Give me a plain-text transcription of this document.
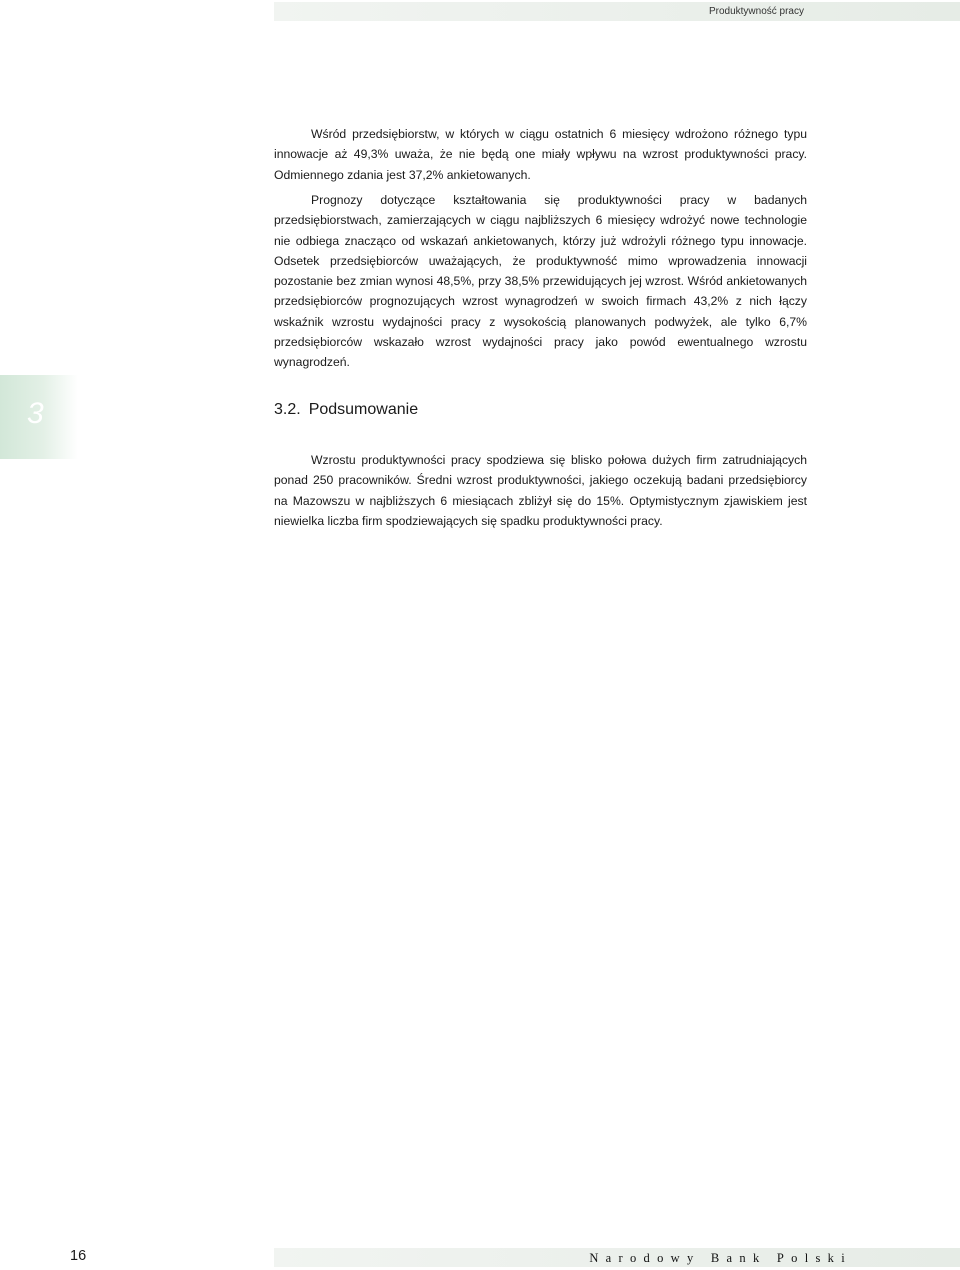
Produktywność pracy

Wśród przedsiębiorstw, w których w ciągu ostatnich 6 miesięcy wdrożono różnego typu innowacje aż 49,3% uważa, że nie będą one miały wpływu na wzrost produktywności pracy. Odmiennego zdania jest 37,2% ankietowanych.

Prognozy dotyczące kształtowania się produktywności pracy w badanych przedsiębiorstwach, zamierzających w ciągu najbliższych 6 miesięcy wdrożyć nowe technologie nie odbiega znacząco od wskazań ankietowanych, którzy już wdrożyli różnego typu innowacje. Odsetek przedsiębiorców uważających, że produktywność mimo wprowadzenia innowacji pozostanie bez zmian wynosi 48,5%, przy 38,5% przewidujących jej wzrost. Wśród ankietowanych przedsiębiorców prognozujących wzrost wynagrodzeń w swoich firmach 43,2% z nich łączy wskaźnik wzrostu wydajności pracy z wysokością planowanych podwyżek, ale tylko 6,7% przedsiębiorców wskazało wzrost wydajności pracy jako powód ewentualnego wzrostu wynagrodzeń.

3	3.2. Podsumowanie

Wzrostu produktywności pracy spodziewa się blisko połowa dużych firm zatrudniających ponad 250 pracowników. Średni wzrost produktywności, jakiego oczekują badani przedsiębiorcy na Mazowszu w najbliższych 6 miesiącach zbliżył się do 15%. Optymistycznym zjawiskiem jest niewielka liczba firm spodziewających się spadku produktywności pracy.

16	Narodowy Bank Polski
